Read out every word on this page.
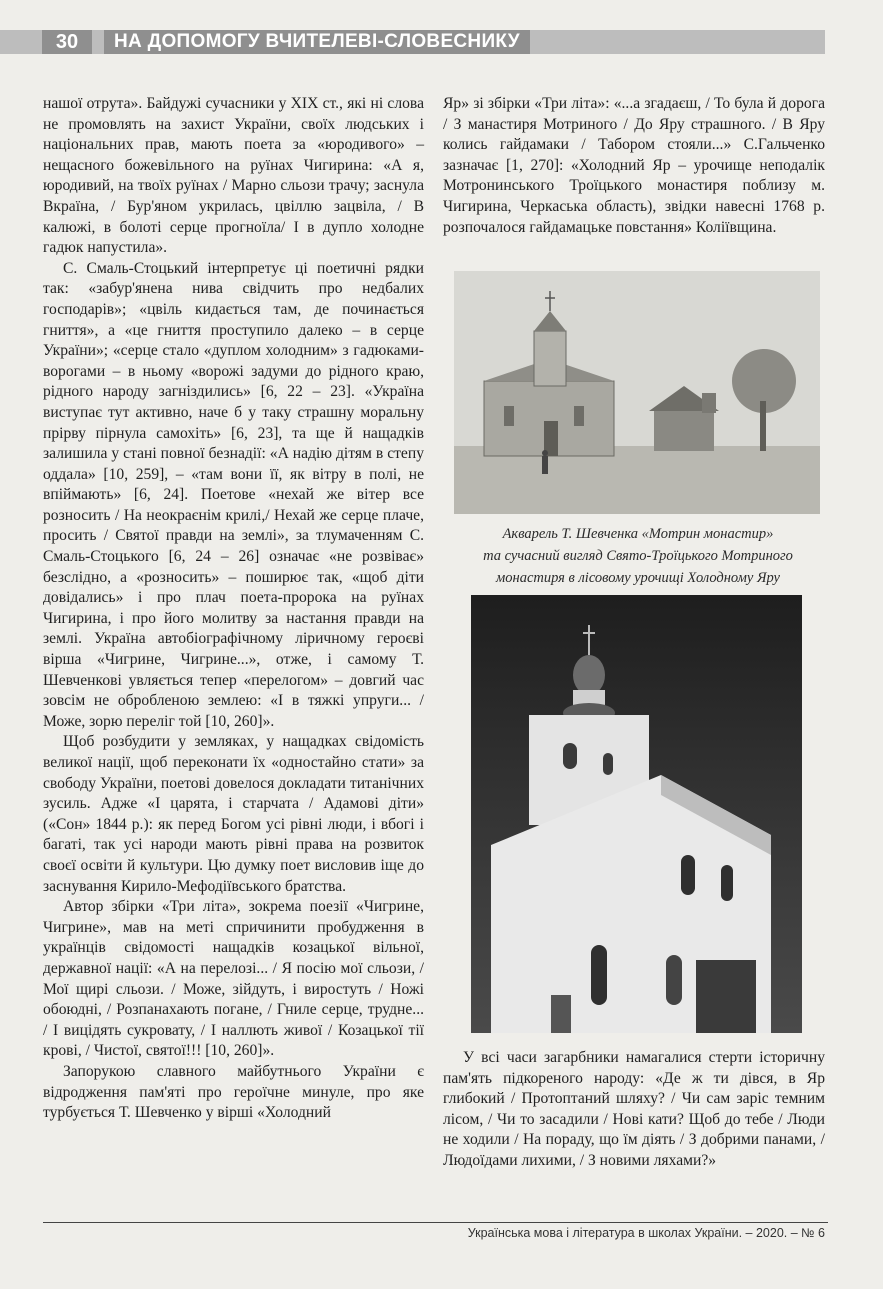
30	НА ДОПОМОГУ ВЧИТЕЛЕВІ-СЛОВЕСНИКУ

нашої отрута». Байдужі сучасники у XIX ст., які ні слова не промовлять на захист України, своїх людських і національних прав, мають поета за «юродивого» – нещасного божевільного на руїнах Чигирина: «А я, юродивий, на твоїх руїнах / Марно сльози трачу; заснула Вкраїна, / Бур'яном укрилась, цвіллю зацвіла, / В калюжі, в болоті серце прогноїла/ І в дупло холодне гадюк напустила».

С. Смаль-Стоцький інтерпретує ці поетичні рядки так: «забур'янена нива свідчить про недбалих господарів»; «цвіль кидається там, де починається гниття», а «це гниття проступило далеко – в серце України»; «серце стало «дуплом холодним» з гадюками-ворогами – в ньому «ворожі задуми до рідного краю, рідного народу загніздились» [6, 22 – 23]. «Україна виступає тут активно, наче б у таку страшну моральну прірву пірнула самохіть» [6, 23], та ще й нащадків залишила у стані повної безнадії: «А надію дітям в степу оддала» [10, 259], – «там вони її, як вітру в полі, не впіймають» [6, 24]. Поетове «нехай же вітер все розносить / На неокраєнім крилі,/ Нехай же серце плаче, просить / Святої правди на землі», за тлумаченням С. Смаль-Стоцького [6, 24 – 26] означає «не розвіває» безслідно, а «розносить» – поширює так, «щоб діти довідались» і про плач поета-пророка на руїнах Чигирина, і про його молитву за настання правди на землі. Україна автобіографічному ліричному героєві вірша «Чигрине, Чигрине...», отже, і самому Т. Шевченкові увляється тепер «перелогом» – довгий час зовсім не обробленою землею: «І в тяжкі упруги... / Може, зорю переліг той [10, 260]».

Щоб розбудити у земляках, у нащадках свідомість великої нації, щоб переконати їх «одностайно стати» за свободу України, поетові довелося докладати титанічних зусиль. Адже «І царята, і старчата / Адамові діти» («Сон» 1844 р.): як перед Богом усі рівні люди, і вбогі і багаті, так усі народи мають рівні права на розвиток своєї освіти й культури. Цю думку поет висловив іще до заснування Кирило-Мефодіївського братства.

Автор збірки «Три літа», зокрема поезії «Чигрине, Чигрине», мав на меті спричинити пробудження в українців свідомості нащадків козацької вільної, державної нації: «А на перелозі... / Я посію мої сльози, / Мої щирі сльози. / Може, зійдуть, і виростуть / Ножі обоюдні, / Розпанахають погане, / Гниле серце, трудне... / І вицідять сукровату, / І наллють живої / Козацької тії крові, / Чистої, святої!!! [10, 260]».

Запорукою славного майбутнього України є відродження пам'яті про героїчне минуле, про яке турбується Т. Шевченко у вірші «Холодний

Яр» зі збірки «Три літа»: «...а згадаєш, / То була й дорога / З манастиря Мотриного / До Яру страшного. / В Яру колись гайдамаки / Табором стояли...» С.Гальченко зазначає [1, 270]: «Холодний Яр – урочище неподалік Мотронинського Троїцького монастиря поблизу м. Чигирина, Черкаська область), звідки навесні 1768 р. розпочалося гайдамацьке повстання» Коліївщина.

Акварель Т. Шевченка «Мотрин монастир»
та сучасний вигляд Свято-Троїцького Мотриного
монастиря в лісовому урочищі Холодному Яру

У всі часи загарбники намагалися стерти історичну пам'ять підкореного народу: «Де ж ти дівся, в Яр глибокий / Протоптаний шляху? / Чи сам заріс темним лісом, / Чи то засадили / Нові кати? Щоб до тебе / Люди не ходили / На пораду, що їм діять / З добрими панами, / Людоїдами лихими, / З новими ляхами?»

Українська мова і література в школах України. – 2020. – № 6
